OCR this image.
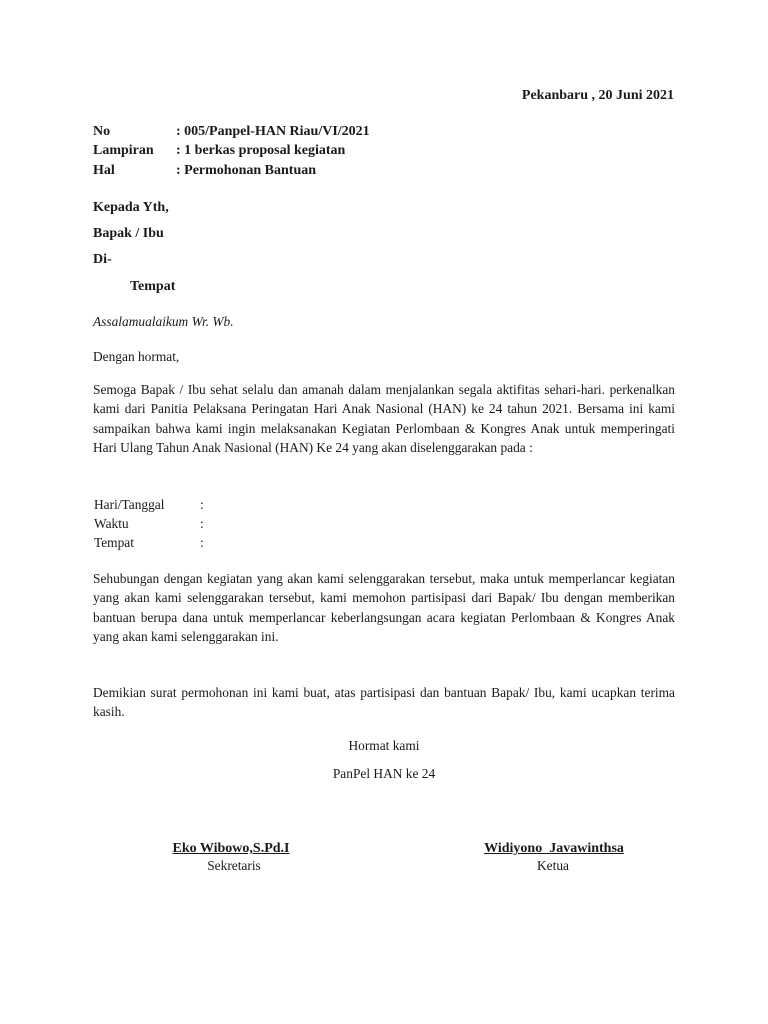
Pekanbaru , 20 Juni 2021
No	: 005/Panpel-HAN Riau/VI/2021
Lampiran : 1 berkas proposal kegiatan
Hal	: Permohonan Bantuan
Kepada Yth,
Bapak / Ibu
Di-
Tempat
Assalamualaikum Wr. Wb.
Dengan hormat,
Semoga Bapak / Ibu sehat selalu dan amanah dalam menjalankan segala aktifitas sehari-hari. perkenalkan kami dari Panitia Pelaksana Peringatan Hari Anak Nasional (HAN) ke 24 tahun 2021. Bersama ini kami sampaikan bahwa kami ingin melaksanakan Kegiatan Perlombaan & Kongres Anak untuk memperingati Hari Ulang Tahun Anak Nasional (HAN) Ke 24 yang akan diselenggarakan pada :
Hari/Tanggal	:
Waktu	:
Tempat	:
Sehubungan dengan kegiatan yang akan kami selenggarakan tersebut, maka untuk memperlancar kegiatan yang akan kami selenggarakan tersebut, kami memohon partisipasi dari Bapak/ Ibu dengan memberikan bantuan berupa dana untuk memperlancar keberlangsungan acara kegiatan Perlombaan & Kongres Anak yang akan kami selenggarakan ini.
Demikian surat permohonan ini kami buat, atas partisipasi dan bantuan Bapak/ Ibu, kami ucapkan terima kasih.
Hormat kami
PanPel HAN ke 24
Eko Wibowo,S.Pd.I
Sekretaris
Widiyono  Javawinthsa
Ketua
